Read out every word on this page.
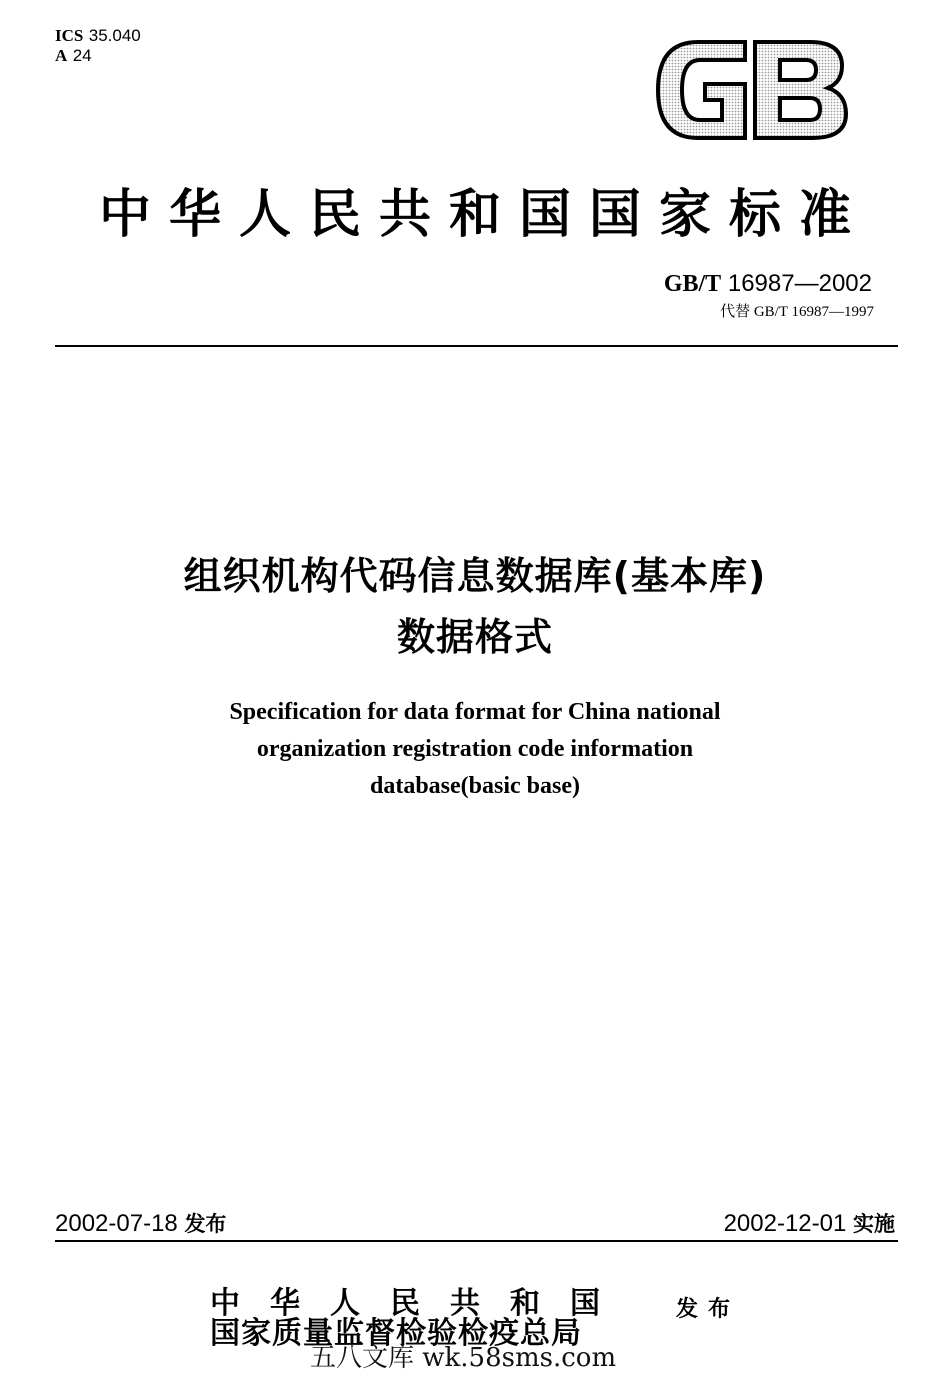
ICS 35.040
A 24
中华人民共和国国家标准
GB/T 16987—2002
代替 GB/T 16987—1997
组织机构代码信息数据库(基本库)
数据格式
Specification for data format for China national
organization registration code information
database(basic base)
2002-07-18 发布	2002-12-01 实施
中华人民共和国
国家质量监督检验检疫总局
发布
五八文库 wk.58sms.com
